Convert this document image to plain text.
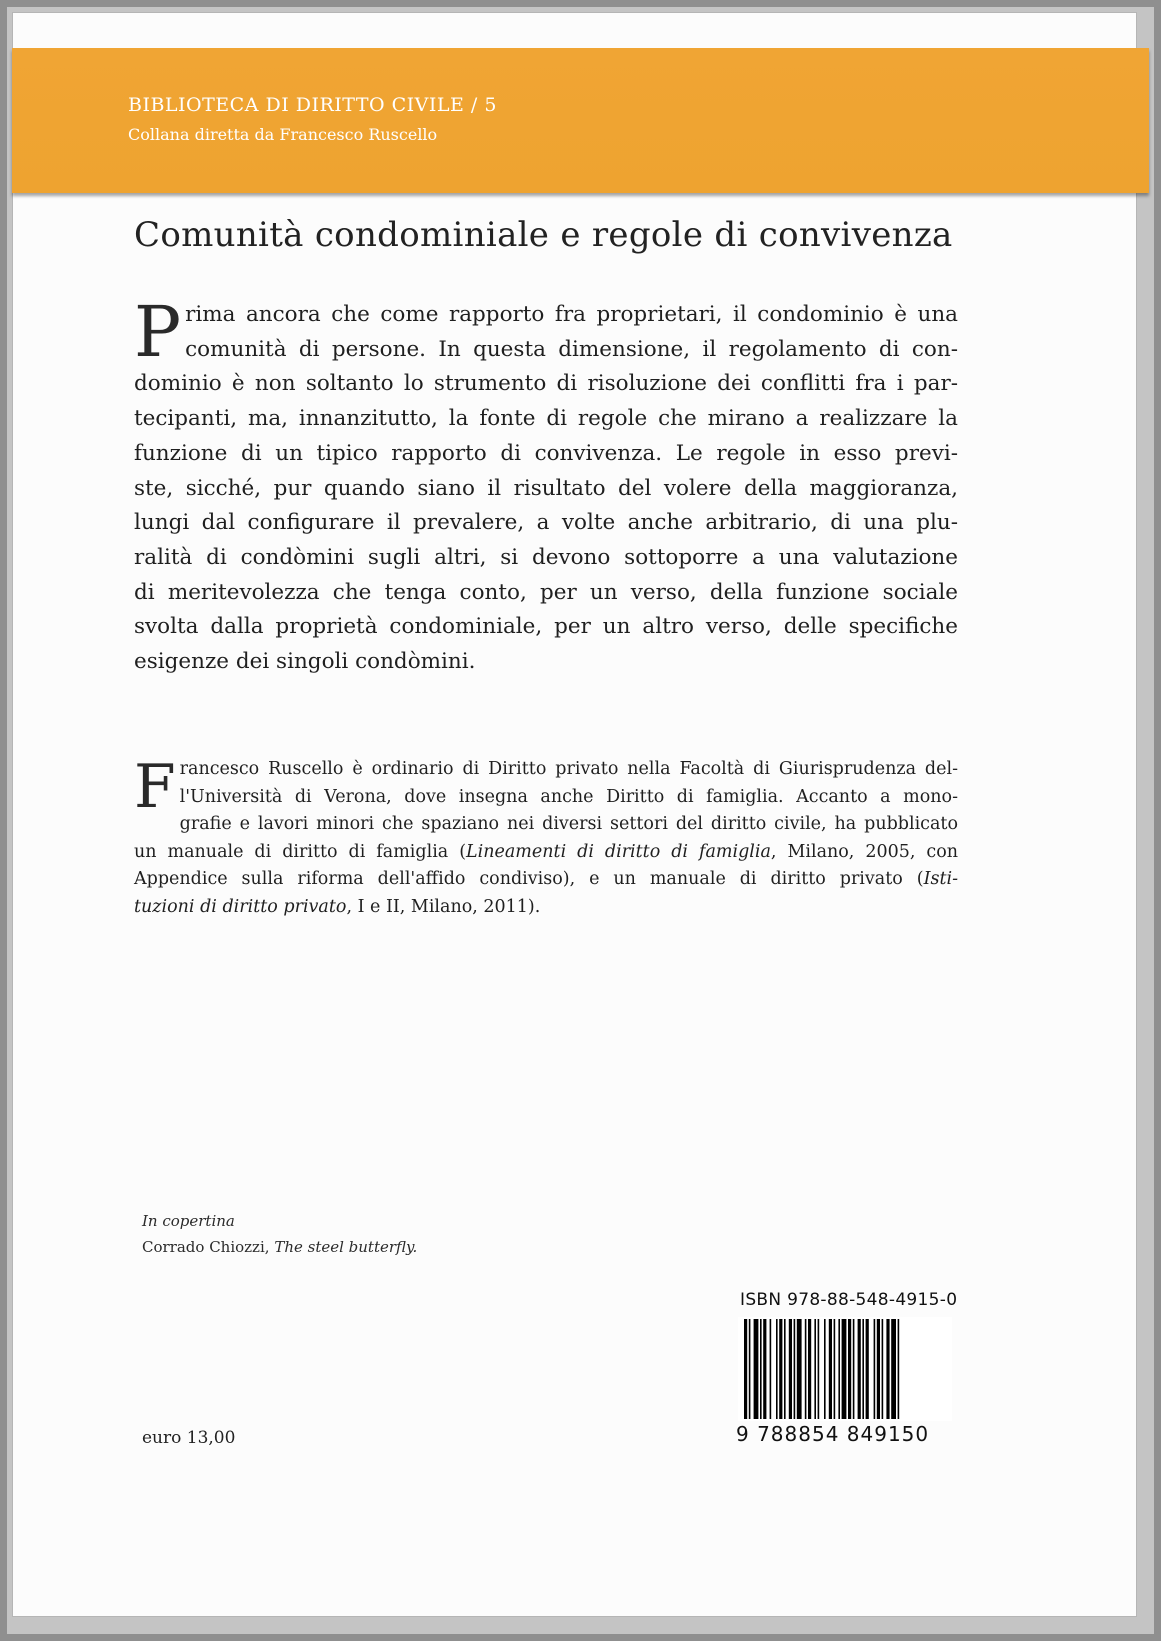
BIBLIOTECA DI DIRITTO CIVILE / 5

Collana diretta da Francesco Ruscello

Comunità condominiale e regole di convivenza
P rima ancora che come rapporto fra proprietari, il condominio è una
comunità di persone. In questa dimensione, il regolamento di con-
dominio è non soltanto lo strumento di risoluzione dei conflitti fra i par-
tecipanti, ma, innanzitutto, la fonte di regole che mirano a realizzare la
funzione di un tipico rapporto di convivenza. Le regole in esso previ-
ste, sicché, pur quando siano il risultato del volere della maggioranza,
lungi dal configurare il prevalere, a volte anche arbitrario, di una plu-
ralità di condòmini sugli altri, si devono sottoporre a una valutazione
di meritevolezza che tenga conto, per un verso, della funzione sociale
svolta dalla proprietà condominiale, per un altro verso, delle specifiche
esigenze dei singoli condòmini.
F rancesco Ruscello è ordinario di Diritto privato nella Facoltà di Giurisprudenza del-
l'Università di Verona, dove insegna anche Diritto di famiglia. Accanto a mono-
grafie e lavori minori che spaziano nei diversi settori del diritto civile, ha pubblicato
un manuale di diritto di famiglia (Lineamenti di diritto di famiglia, Milano, 2005, con
Appendice sulla riforma dell'affido condiviso), e un manuale di diritto privato (Isti-
tuzioni di diritto privato, I e II, Milano, 2011).

In copertina

Corrado Chiozzi, The steel butterfly.

ISBN 978-88-548-4915-0

9 788854 849150

euro 13,00
